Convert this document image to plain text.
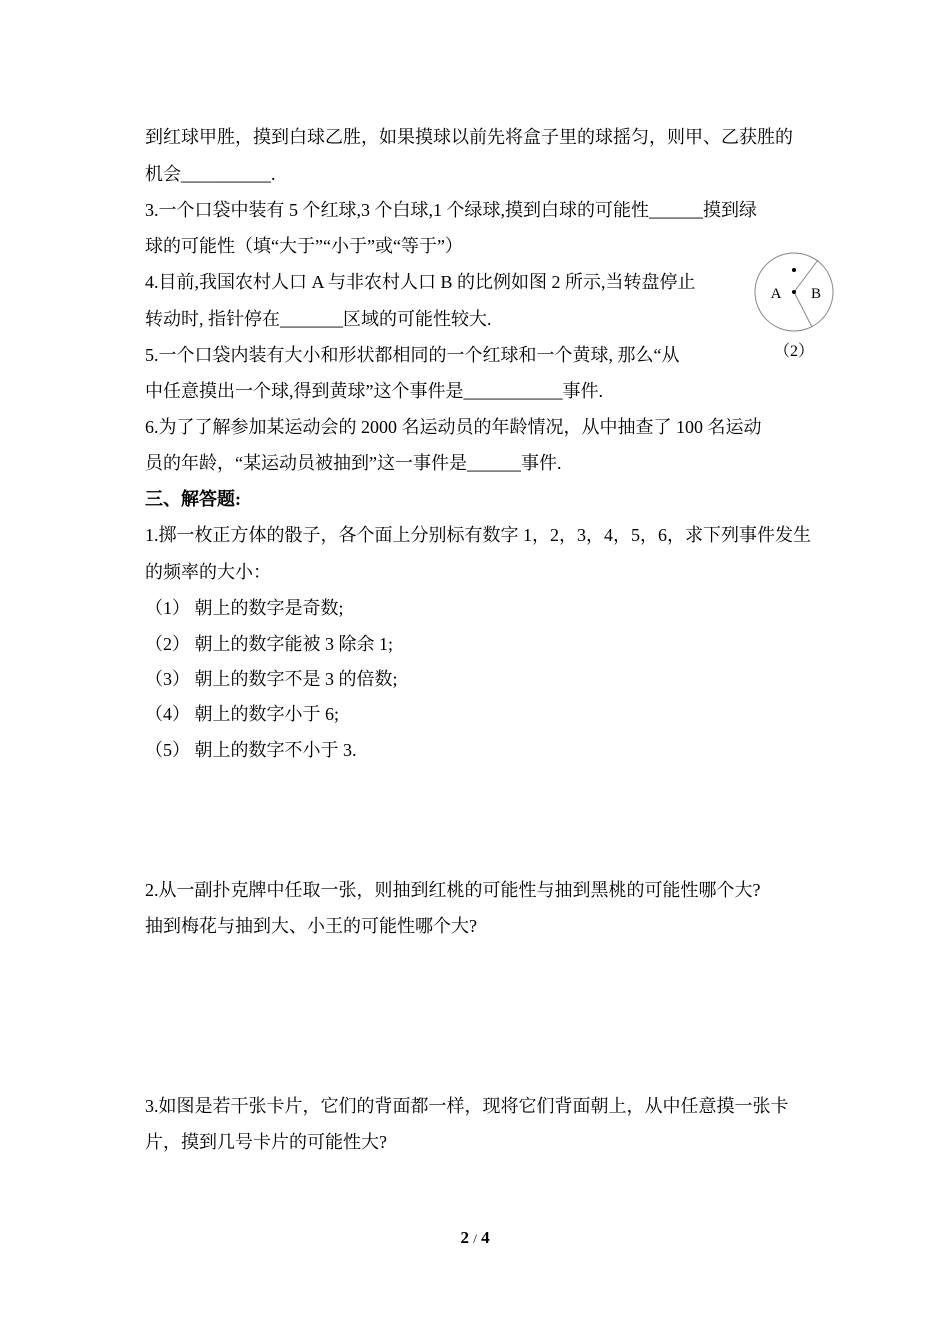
到红球甲胜，摸到白球乙胜，如果摸球以前先将盒子里的球摇匀，则甲、乙获胜的
机会__________.
3.一个口袋中装有 5 个红球,3 个白球,1 个绿球,摸到白球的可能性______摸到绿
球的可能性（填“大于”“小于”或“等于”）
4.目前,我国农村人口 A 与非农村人口 B 的比例如图 2 所示,当转盘停止
转动时, 指针停在_______区域的可能性较大.
5.一个口袋内装有大小和形状都相同的一个红球和一个黄球, 那么“从
中任意摸出一个球,得到黄球”这个事件是___________事件.
6.为了了解参加某运动会的 2000 名运动员的年龄情况，从中抽查了 100 名运动
员的年龄，“某运动员被抽到”这一事件是______事件.
三、解答题:
1.掷一枚正方体的骰子，各个面上分别标有数字 1，2，3，4，5，6，求下列事件发生
的频率的大小：
（1） 朝上的数字是奇数;
（2） 朝上的数字能被 3 除余 1;
（3） 朝上的数字不是 3 的倍数;
（4） 朝上的数字小于 6;
（5） 朝上的数字不小于 3.
2.从一副扑克牌中任取一张，则抽到红桃的可能性与抽到黑桃的可能性哪个大?
抽到梅花与抽到大、小王的可能性哪个大?
3.如图是若干张卡片，它们的背面都一样，现将它们背面朝上，从中任意摸一张卡
片，摸到几号卡片的可能性大?
A B
（2）
2 / 4
